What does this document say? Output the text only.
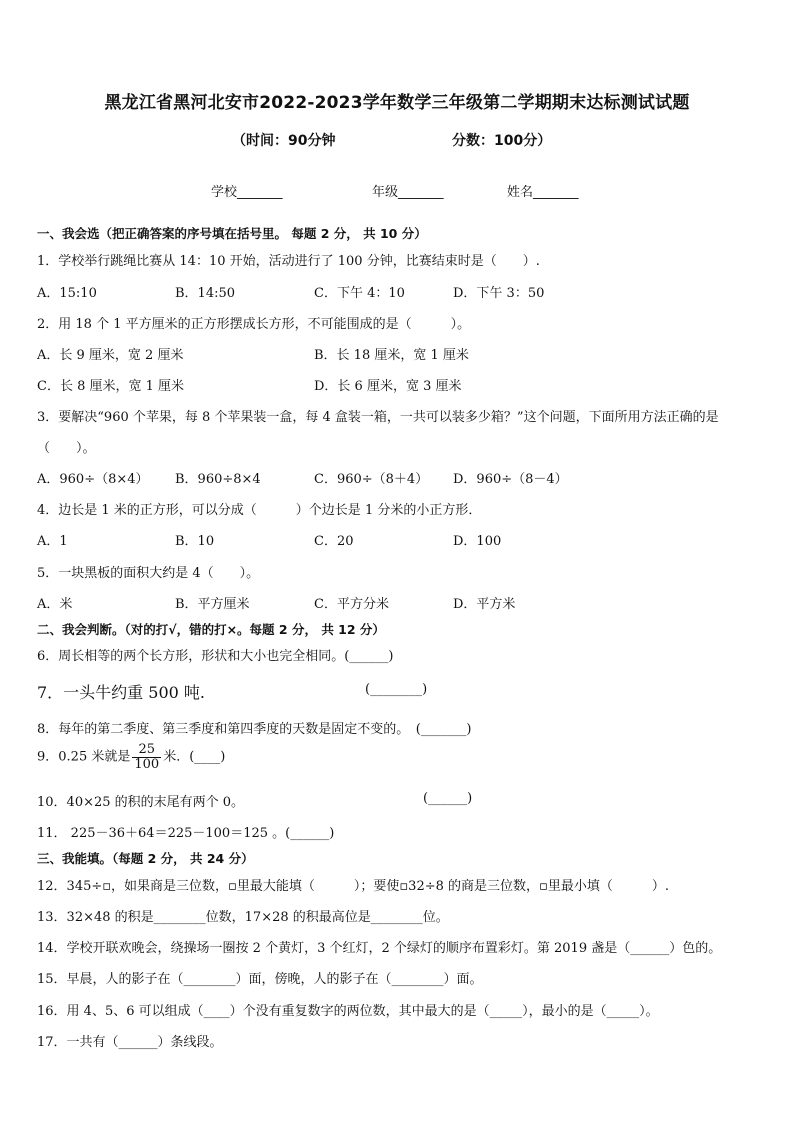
黑龙江省黑河北安市2022-2023学年数学三年级第二学期期末达标测试试题
（时间：90分钟	分数：100分）
学校_______	年级_______	姓名_______
一、我会选（把正确答案的序号填在括号里。 每题 2 分， 共 10 分）
1．学校举行跳绳比赛从 14：10 开始，活动进行了 100 分钟，比赛结束时是（　　）.
A．15:10	B．14:50	C．下午 4：10	D．下午 3：50
2．用 18 个 1 平方厘米的正方形摆成长方形，不可能围成的是（　　　）。
A．长 9 厘米，宽 2 厘米	B．长 18 厘米，宽 1 厘米
C．长 8 厘米，宽 1 厘米	D．长 6 厘米，宽 3 厘米
3．要解决“960 个苹果，每 8 个苹果装一盒，每 4 盒装一箱，一共可以装多少箱？”这个问题，下面所用方法正确的是
（　　）。
A．960÷（8×4） B．960÷8×4	C．960÷（8＋4） D．960÷（8－4）
4．边长是 1 米的正方形，可以分成（　　　）个边长是 1 分米的小正方形．
A．1	B．10	C．20	D．100
5．一块黑板的面积大约是 4（　　）。
A．米	B．平方厘米	C．平方分米	D．平方米
二、我会判断。（对的打√，错的打×。每题 2 分， 共 12 分）
6．周长相等的两个长方形，形状和大小也完全相同。(______)
7．一头牛约重 500 吨.	(________)
8．每年的第二季度、第三季度和第四季度的天数是固定不变的。　(_______)
9．0.25 米就是 $\frac{25}{100}$ 米．(____)
10．40×25 的积的末尾有两个 0。	(______)
11． 225－36＋64＝225－100＝125 。(______)
三、我能填。（每题 2 分， 共 24 分）
12．345÷▫，如果商是三位数，▫里最大能填（　　　）；要使▫32÷8 的商是三位数，▫里最小填（　　　）.
13．32×48 的积是________位数，17×28 的积最高位是________位。
14．学校开联欢晚会，绕操场一圈按 2 个黄灯，3 个红灯，2 个绿灯的顺序布置彩灯。第 2019 盏是（______）色的。
15．早晨，人的影子在（________）面，傍晚，人的影子在（________）面。
16．用 4、5、6 可以组成（____）个没有重复数字的两位数，其中最大的是（_____），最小的是（_____）。
17．一共有（______）条线段。
